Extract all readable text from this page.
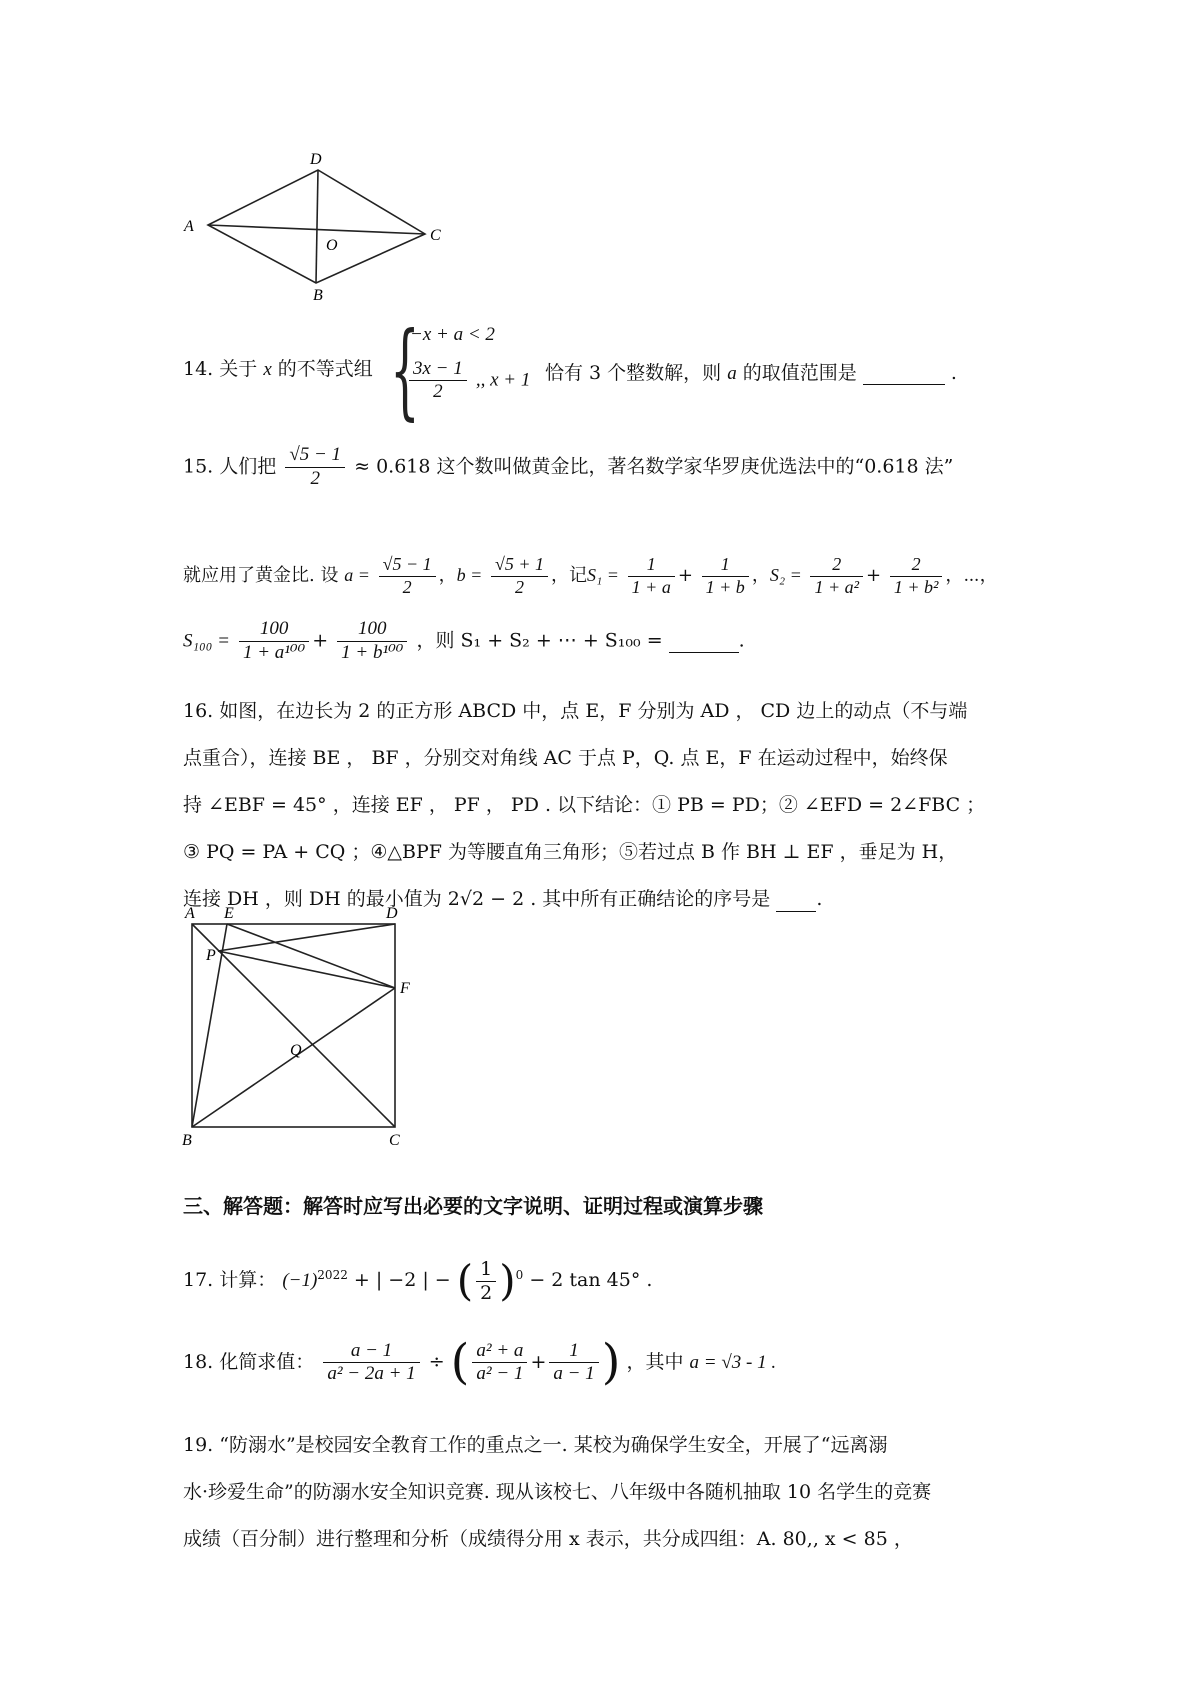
D
A
O
C
B
14. 关于 x 的不等式组 {
−x + a < 2
$\frac{3x - 1}{2}$ ,, x + 1 恰有 3 个整数解，则 a 的取值范围是	.
15. 人们把 $\frac{√5 - 1}{2} \approx 0.618$ 这个数叫做黄金比，著名数学家华罗庚优选法中的“0.618 法”
就应用了黄金比. 设 $a = \frac{√5 - 1}{2}$ ，$b = \frac{√5 + 1}{2}$ ，记$S_1 = \frac{1}{1 + a} + \frac{1}{1 + b}$ ，$S_2 = \frac{2}{\text{1 + a²}} + \frac{2}{\text{1 + b²}}$ ，⋯，
$S_{100} = \frac{100}{\text{1 + a¹⁰⁰}} + \frac{100}{\text{1 + b¹⁰⁰}}$ ，则 S₁ + S₂ + ⋯ + S₁₀₀ =	.
16. 如图，在边长为 2 的正方形 ABCD 中，点 E，F 分别为 AD ， CD 边上的动点（不与端
点重合），连接 BE ， BF ，分别交对角线 AC 于点 P，Q. 点 E，F 在运动过程中，始终保
持 ∠EBF = 45° ，连接 EF ， PF ， PD . 以下结论：① PB = PD；② ∠EFD = 2∠FBC ；
③ PQ = PA + CQ ；④△BPF 为等腰直角三角形；⑤若过点 B 作 BH ⊥ EF ，垂足为 H，
连接 DH ，则 DH 的最小值为 2√2 − 2 . 其中所有正确结论的序号是 .
A E	D
P
F
Q
B	C
三、解答题：解答时应写出必要的文字说明、证明过程或演算步骤
17. 计算： $(-1)^{2022}$ + | −2 | − ( $\frac{1}{2} )^0 - 2$ tan 45° .
18. 化简求值： $\frac{a - 1}{\text{a² − 2a + 1}}$ ÷ ( $\frac{\text{a² + a}}{\text{a² − 1}} + \frac{1}{a - 1}$ ) ，其中 a = √3 - 1 .
19. “防溺水”是校园安全教育工作的重点之一. 某校为确保学生安全，开展了“远离溺
水·珍爱生命”的防溺水安全知识竞赛. 现从该校七、八年级中各随机抽取 10 名学生的竞赛
成绩（百分制）进行整理和分析（成绩得分用 x 表示，共分成四组：A. 80,, x < 85 ，
